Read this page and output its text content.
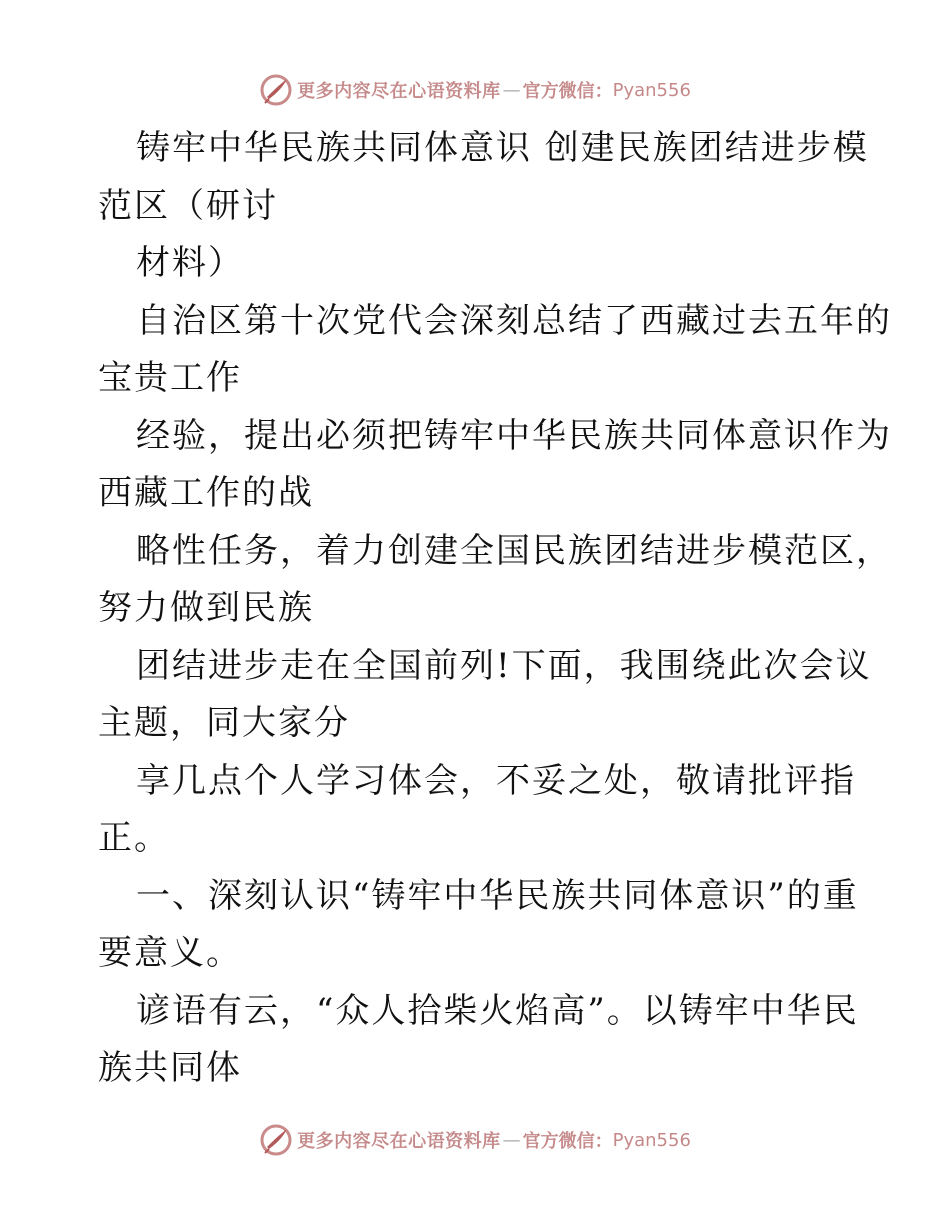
更多内容尽在心语资料库 — 官方微信： Pyan556
铸牢中华民族共同体意识 创建民族团结进步模
范区（研讨
材料）
自治区第十次党代会深刻总结了西藏过去五年的
宝贵工作
经验，提出必须把铸牢中华民族共同体意识作为
西藏工作的战
略性任务，着力创建全国民族团结进步模范区，
努力做到民族
团结进步走在全国前列!下面，我围绕此次会议
主题，同大家分
享几点个人学习体会，不妥之处，敬请批评指
正。
一、深刻认识“铸牢中华民族共同体意识”的重
要意义。
谚语有云，“众人拾柴火焰高”。以铸牢中华民
族共同体
更多内容尽在心语资料库 — 官方微信： Pyan556
